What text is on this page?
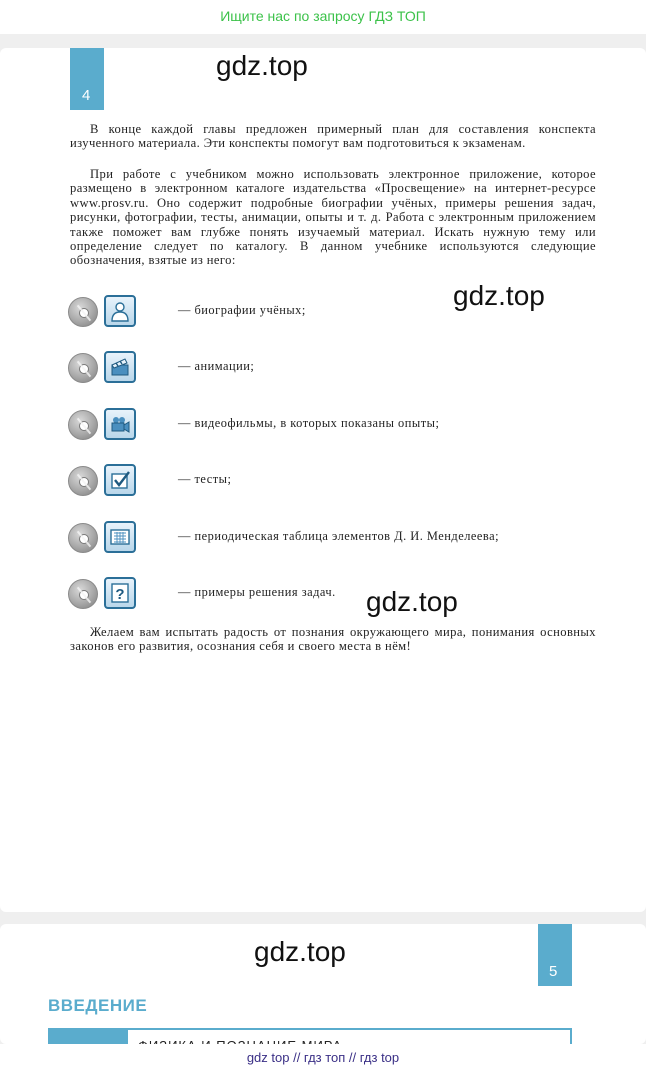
Ищите нас по запросу ГДЗ ТОП
4
gdz.top

В конце каждой главы предложен примерный план для составления конспекта изученного материала. Эти конспекты помогут вам подготовиться к экзаменам.

При работе с учебником можно использовать электронное приложение, которое размещено в электронном каталоге издательства «Просвещение» на интернет-ресурсе www.prosv.ru. Оно содержит подробные биографии учёных, примеры решения задач, рисунки, фотографии, тесты, анимации, опыты и т. д. Работа с электронным приложением также поможет вам глубже понять изучаемый материал. Искать нужную тему или определение следует по каталогу. В данном учебнике используются следующие обозначения, взятые из него:

gdz.top
— биографии учёных;
— анимации;
— видеофильмы, в которых показаны опыты;
— тесты;
— периодическая таблица элементов Д. И. Менделеева;
?	— примеры решения задач. gdz.top

Желаем вам испытать радость от познания окружающего мира, понимания основных законов его развития, осознания себя и своего места в нём!

gdz.top
5
ВВЕДЕНИЕ
gdz top // гдз топ // гдз top
